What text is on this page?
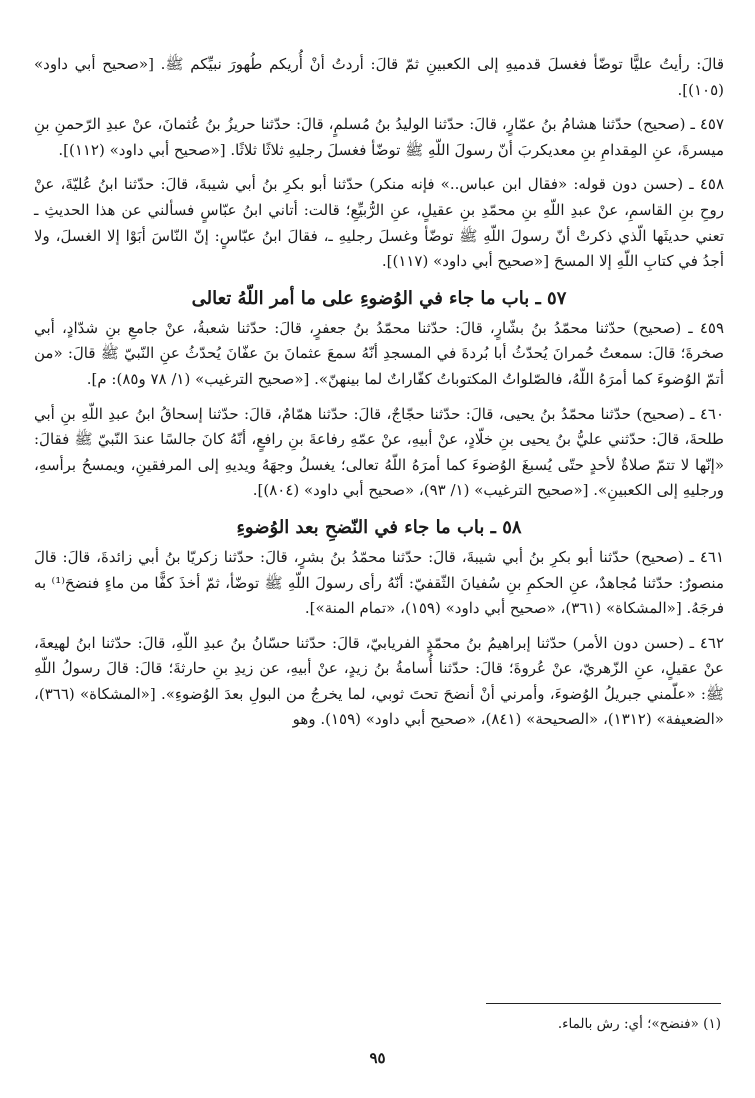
قالَ: رأيتُ عليًّا توضّأ فغسلَ قدميهِ إلى الكعبينِ ثمّ قالَ: أردتُ أنْ أُريكم طُهورَ نبيِّكم ﷺ. [«صحيح أبي داود» (١٠٥)].

٤٥٧ ـ (صحيح) حدّثنا هشامُ بنُ عمّارٍ، قالَ: حدّثنا الوليدُ بنُ مُسلمٍ، قالَ: حدّثنا حريزُ بنُ عُثمانَ، عنْ عبدِ الرّحمنِ بنِ ميسرةَ، عنِ المِقدامِ بنِ معديكربَ أنّ رسولَ اللّهِ ﷺ توضّأ فغسلَ رجليهِ ثلاثًا ثلاثًا. [«صحيح أبي داود» (١١٢)].

٤٥٨ ـ (حسن دون قوله: «فقال ابن عباس..» فإنه منكر) حدّثنا أبو بكرِ بنُ أبي شيبةَ، قالَ: حدّثنا ابنُ عُليّةَ، عنْ روحِ بنِ القاسمِ، عنْ عبدِ اللّهِ بنِ محمّدِ بنِ عقيلٍ، عنِ الرُّبيِّعِ؛ قالت: أتاني ابنُ عبّاسٍ فسألني عن هذا الحديثِ ـ تعني حديثَها الّذي ذكرتْ أنّ رسولَ اللّهِ ﷺ توضّأ وغسلَ رجليهِ ـ، فقالَ ابنُ عبّاسٍ: إنّ النّاسَ أبَوْا إلا الغسلَ، ولا أجدُ في كتابِ اللّهِ إلا المسحَ [«صحيح أبي داود» (١١٧)].

٥٧ ـ باب ما جاء في الوُضوءِ على ما أمر اللّهُ تعالى

٤٥٩ ـ (صحيح) حدّثنا محمّدُ بنُ بشّارٍ، قالَ: حدّثنا محمّدُ بنُ جعفرٍ، قالَ: حدّثنا شعبةُ، عنْ جامعِ بنِ شدّادٍ، أبي صخرةَ؛ قالَ: سمعتُ حُمرانَ يُحدّثُ أبا بُردةَ في المسجدِ أنّهُ سمعَ عثمانَ بنَ عفّانَ يُحدّثُ عنِ النّبيّ ﷺ قالَ: «من أتمّ الوُضوءَ كما أمرَهُ اللّهُ، فالصّلواتُ المكتوباتُ كفّاراتٌ لما بينهنّ». [«صحيح الترغيب» (١/ ٧٨ و٨٥): م].

٤٦٠ ـ (صحيح) حدّثنا محمّدُ بنُ يحيى، قالَ: حدّثنا حجّاجٌ، قالَ: حدّثنا همّامٌ، قالَ: حدّثنا إسحاقُ ابنُ عبدِ اللّهِ بنِ أبي طلحةَ، قالَ: حدّثني عليُّ بنُ يحيى بنِ خلّادٍ، عنْ أبيهِ، عنْ عمّهِ رفاعةَ بنِ رافعٍ، أنّهُ كانَ جالسًا عندَ النّبيّ ﷺ فقالَ: «إنّها لا تتمّ صلاةٌ لأحدٍ حتّى يُسبغَ الوُضوءَ كما أمرَهُ اللّهُ تعالى؛ يغسلُ وجهَهُ ويديهِ إلى المرفقينِ، ويمسحُ برأسهِ، ورجليهِ إلى الكعبينِ». [«صحيح الترغيب» (١/ ٩٣)، «صحيح أبي داود» (٨٠٤)].

٥٨ ـ باب ما جاء في النّضحِ بعد الوُضوءِ

٤٦١ ـ (صحيح) حدّثنا أبو بكرِ بنُ أبي شيبةَ، قالَ: حدّثنا محمّدُ بنُ بشرٍ، قالَ: حدّثنا زكريّا بنُ أبي زائدةَ، قالَ: قالَ منصورٌ: حدّثنا مُجاهدٌ، عنِ الحكمِ بنِ سُفيانَ الثّقفيّ: أنّهُ رأى رسولَ اللّهِ ﷺ توضّأ، ثمّ أخذَ كفًّا من ماءٍ فنضحَ⁽¹⁾ به فرجَهُ. [«المشكاة» (٣٦١)، «صحيح أبي داود» (١٥٩)، «تمام المنة»].

٤٦٢ ـ (حسن دون الأمر) حدّثنا إبراهيمُ بنُ محمّدٍ الفريابيّ، قالَ: حدّثنا حسّانُ بنُ عبدِ اللّهِ، قالَ: حدّثنا ابنُ لهيعةَ، عنْ عقيلٍ، عنِ الزّهريّ، عنْ عُروةَ؛ قالَ: حدّثنا أُسامةُ بنُ زيدٍ، عنْ أبيهِ، عن زيدِ بنِ حارثةَ؛ قالَ: قالَ رسولُ اللّهِ ﷺ: «علّمني جبريلُ الوُضوءَ، وأمرني أنْ أنضحَ تحتَ ثوبي، لما يخرجُ من البولِ بعدَ الوُضوءِ». [«المشكاة» (٣٦٦)، «الضعيفة» (١٣١٢)، «الصحيحة» (٨٤١)، «صحيح أبي داود» (١٥٩). وهو

(١) «فنضح»؛ أي: رش بالماء.
٩٥
